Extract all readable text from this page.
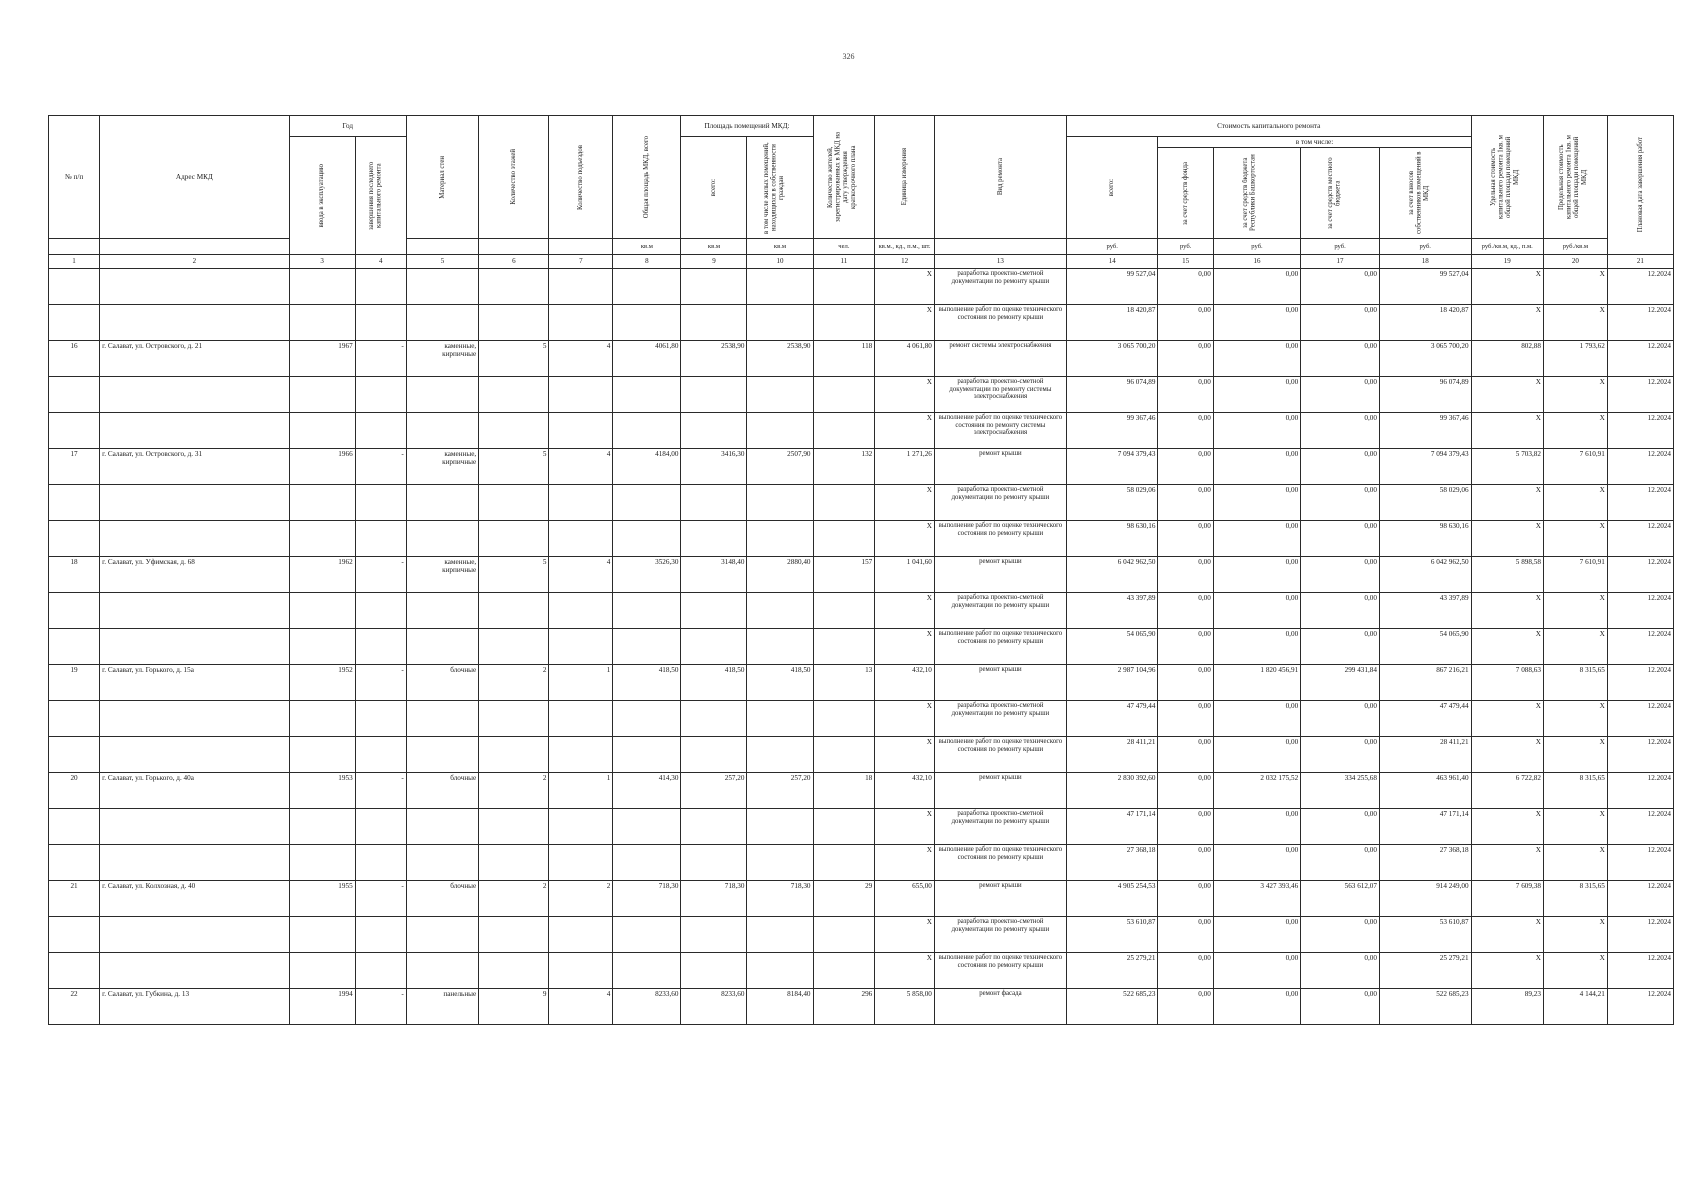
326
№ п/п	Адрес МКД	Год		Материал стен	Количество этажей	Количество подъездов	Общая площадь МКД, всего	Площадь помещений МКД:		Количество жителей, зарегистрированных в МКД на дату утверждения краткосрочного плана	Единица измерения	Вид ремонта	Стоимость капитального ремонта					Удельная стоимость капитального ремонта 1кв. м общей площади помещений МКД	Предельная стоимость капитального ремонта 1кв. м общей площади помещений МКД	Плановая дата завершения работ

		ввода в эксплуатацию	завершения последнего капитального ремонта					всего:	в том числе жилых помещений, находящихся в собственности граждан				всего:	в том числе:						

														за счет средств фонда	за счет средств бюджета Республики Башкортостан	за счет средств местного бюджета	за счет взносов собственников помещений в МКД			

							кв.м	кв.м	кв.м	чел.	кв.м., кд., п.м., шт.		руб.	руб.	руб.	руб.	руб.	руб./кв.м, кд., п.м.	руб./кв.м	
1	2	3	4	5	6	7	8	9	10	11	12	13	14	15	16	17	18	19	20	21
											X	разработка проектно-сметной документации по ремонту крыши	99 527,04	0,00	0,00	0,00	99 527,04	X	X	12.2024
											X	выполнение работ по оценке технического состояния по ремонту крыши	18 420,87	0,00	0,00	0,00	18 420,87	X	X	12.2024
16	г. Салават, ул. Островского, д. 21	1967	-	каменные, кирпичные	5	4	4061,80	2538,90	2538,90	118	4 061,80	ремонт системы электроснабжения	3 065 700,20	0,00	0,00	0,00	3 065 700,20	802,88	1 793,62	12.2024
											X	разработка проектно-сметной документации по ремонту системы электроснабжения	96 074,89	0,00	0,00	0,00	96 074,89	X	X	12.2024
											X	выполнение работ по оценке технического состояния по ремонту системы электроснабжения	99 367,46	0,00	0,00	0,00	99 367,46	X	X	12.2024
17	г. Салават, ул. Островского, д. 31	1966	-	каменные, кирпичные	5	4	4184,00	3416,30	2507,90	132	1 271,26	ремонт крыши	7 094 379,43	0,00	0,00	0,00	7 094 379,43	5 703,82	7 610,91	12.2024
											X	разработка проектно-сметной документации по ремонту крыши	58 029,06	0,00	0,00	0,00	58 029,06	X	X	12.2024
											X	выполнение работ по оценке технического состояния по ремонту крыши	98 630,16	0,00	0,00	0,00	98 630,16	X	X	12.2024
18	г. Салават, ул. Уфимская, д. 68	1962	-	каменные, кирпичные	5	4	3526,30	3148,40	2880,40	157	1 041,60	ремонт крыши	6 042 962,50	0,00	0,00	0,00	6 042 962,50	5 898,58	7 610,91	12.2024
											X	разработка проектно-сметной документации по ремонту крыши	43 397,89	0,00	0,00	0,00	43 397,89	X	X	12.2024
											X	выполнение работ по оценке технического состояния по ремонту крыши	54 065,90	0,00	0,00	0,00	54 065,90	X	X	12.2024
19	г. Салават, ул. Горького, д. 15а	1952	-	блочные	2	1	418,50	418,50	418,50	13	432,10	ремонт крыши	2 987 104,96	0,00	1 820 456,91	299 431,84	867 216,21	7 088,63	8 315,65	12.2024
											X	разработка проектно-сметной документации по ремонту крыши	47 479,44	0,00	0,00	0,00	47 479,44	X	X	12.2024
											X	выполнение работ по оценке технического состояния по ремонту крыши	28 411,21	0,00	0,00	0,00	28 411,21	X	X	12.2024
20	г. Салават, ул. Горького, д. 40а	1953	-	блочные	2	1	414,30	257,20	257,20	18	432,10	ремонт крыши	2 830 392,60	0,00	2 032 175,52	334 255,68	463 961,40	6 722,82	8 315,65	12.2024
											X	разработка проектно-сметной документации по ремонту крыши	47 171,14	0,00	0,00	0,00	47 171,14	X	X	12.2024
											X	выполнение работ по оценке технического состояния по ремонту крыши	27 368,18	0,00	0,00	0,00	27 368,18	X	X	12.2024
21	г. Салават, ул. Колхозная, д. 40	1955	-	блочные	2	2	718,30	718,30	718,30	29	655,00	ремонт крыши	4 905 254,53	0,00	3 427 393,46	563 612,07	914 249,00	7 609,38	8 315,65	12.2024
											X	разработка проектно-сметной документации по ремонту крыши	53 610,87	0,00	0,00	0,00	53 610,87	X	X	12.2024
											X	выполнение работ по оценке технического состояния по ремонту крыши	25 279,21	0,00	0,00	0,00	25 279,21	X	X	12.2024
22	г. Салават, ул. Губкина, д. 13	1994	-	панельные	9	4	8233,60	8233,60	8184,40	296	5 858,00	ремонт фасада	522 685,23	0,00	0,00	0,00	522 685,23	89,23	4 144,21	12.2024
